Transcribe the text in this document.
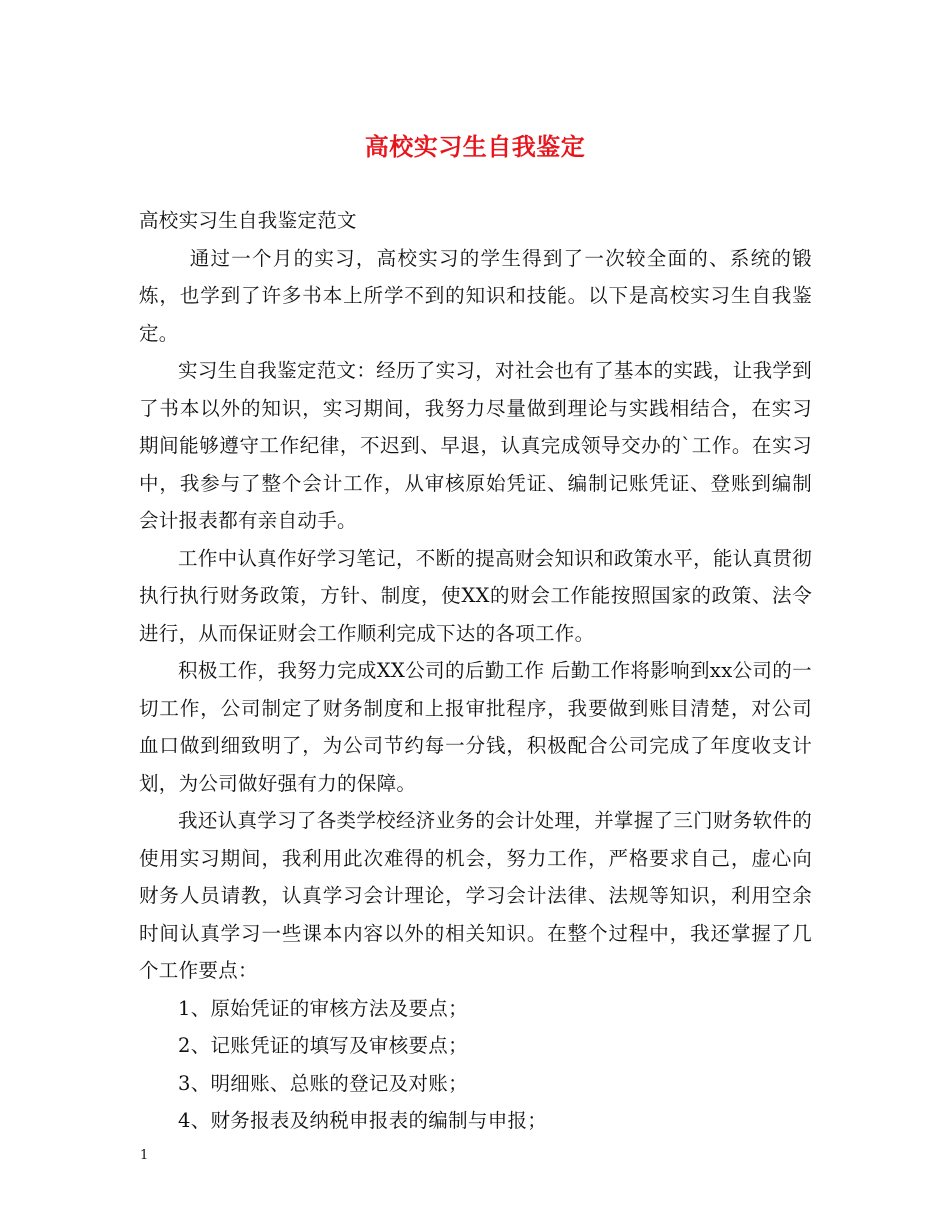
高校实习生自我鉴定

高校实习生自我鉴定范文

通过一个月的实习，高校实习的学生得到了一次较全面的、系统的锻炼，也学到了许多书本上所学不到的知识和技能。以下是高校实习生自我鉴定。

实习生自我鉴定范文：经历了实习，对社会也有了基本的实践，让我学到了书本以外的知识，实习期间，我努力尽量做到理论与实践相结合，在实习期间能够遵守工作纪律，不迟到、早退，认真完成领导交办的`工作。在实习中，我参与了整个会计工作，从审核原始凭证、编制记账凭证、登账到编制会计报表都有亲自动手。

工作中认真作好学习笔记，不断的提高财会知识和政策水平，能认真贯彻执行执行财务政策，方针、制度，使XX的财会工作能按照国家的政策、法令进行，从而保证财会工作顺利完成下达的各项工作。

积极工作，我努力完成XX公司的后勤工作 后勤工作将影响到xx公司的一切工作，公司制定了财务制度和上报审批程序，我要做到账目清楚，对公司血口做到细致明了，为公司节约每一分钱，积极配合公司完成了年度收支计划，为公司做好强有力的保障。

我还认真学习了各类学校经济业务的会计处理，并掌握了三门财务软件的使用实习期间，我利用此次难得的机会，努力工作，严格要求自己，虚心向财务人员请教，认真学习会计理论，学习会计法律、法规等知识，利用空余时间认真学习一些课本内容以外的相关知识。在整个过程中，我还掌握了几个工作要点：

1、原始凭证的审核方法及要点；

2、记账凭证的填写及审核要点；

3、明细账、总账的登记及对账；

4、财务报表及纳税申报表的编制与申报；

1
